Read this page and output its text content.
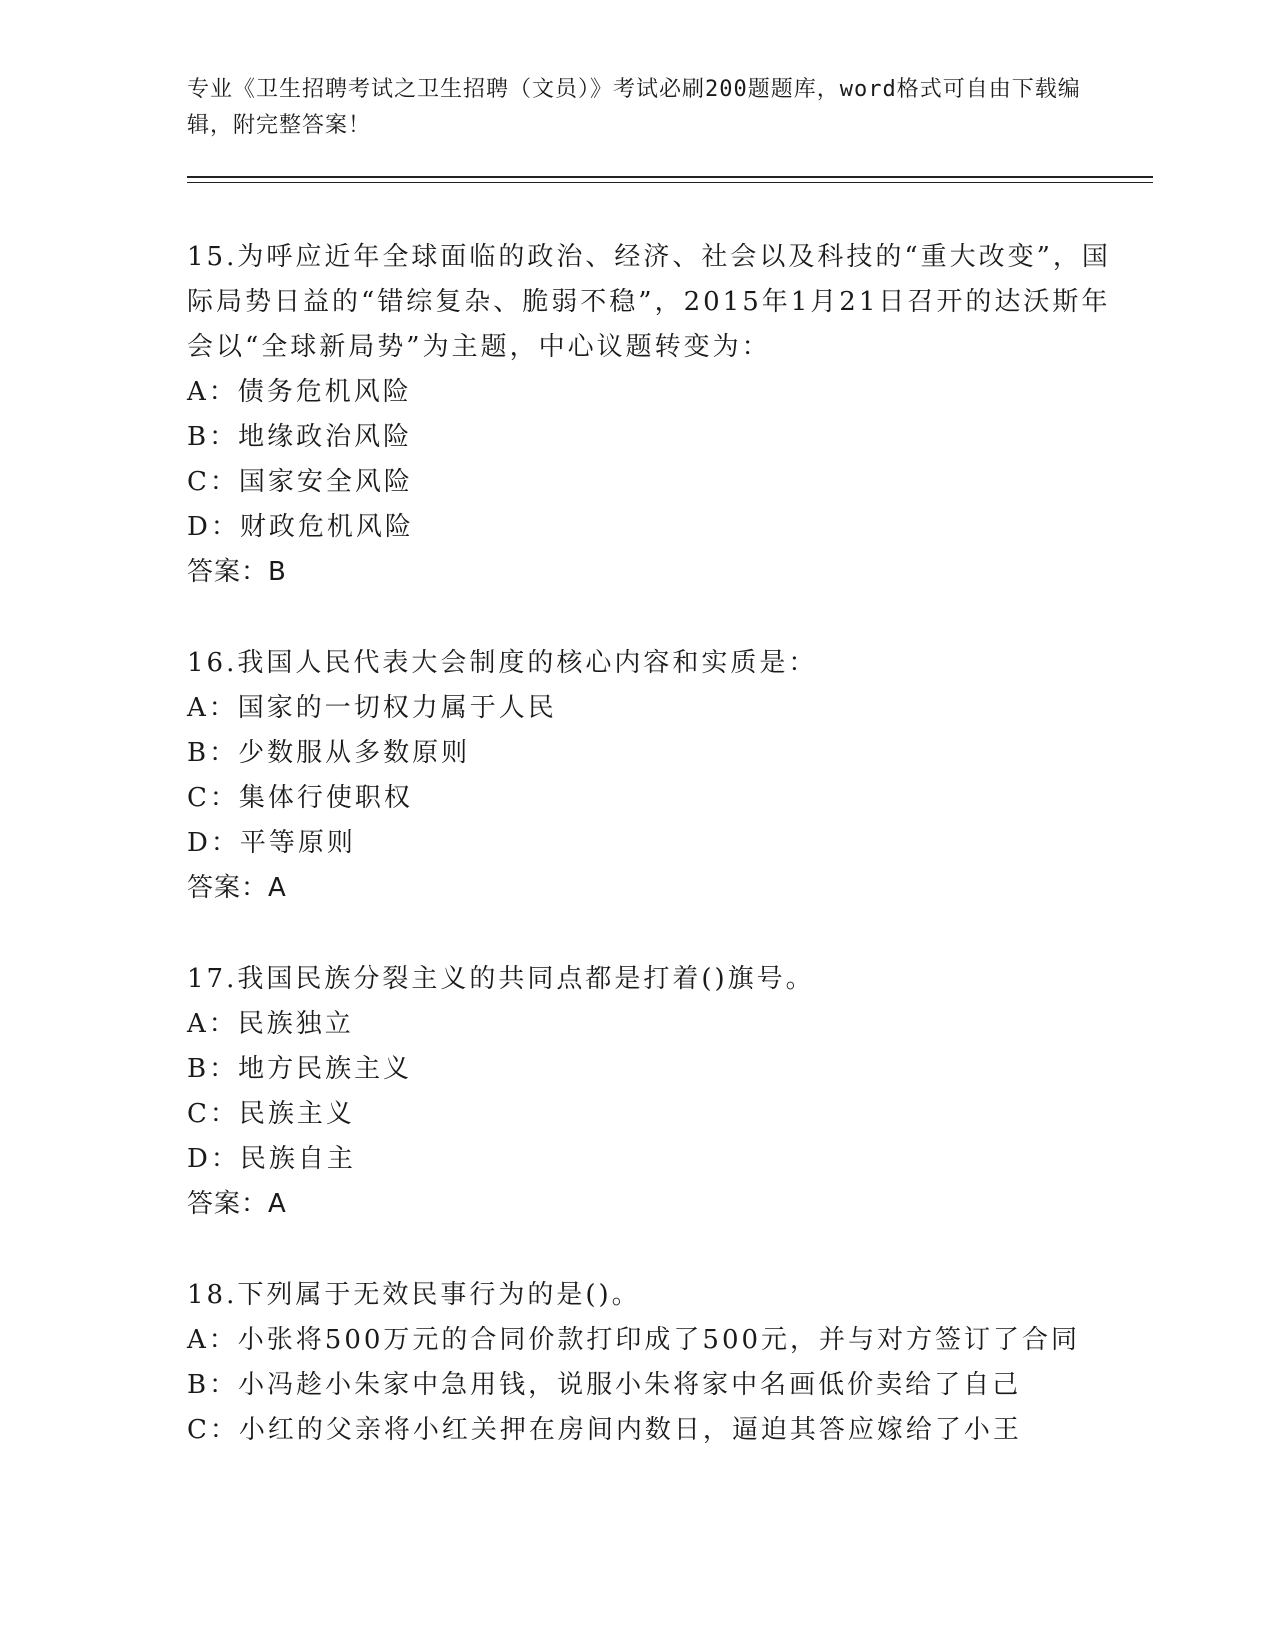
专业《卫生招聘考试之卫生招聘（文员）》考试必刷200题题库，word格式可自由下载编辑，附完整答案！

15.为呼应近年全球面临的政治、经济、社会以及科技的“重大改变”，国际局势日益的“错综复杂、脆弱不稳”，2015年1月21日召开的达沃斯年会以“全球新局势”为主题，中心议题转变为：

A：债务危机风险

B：地缘政治风险

C：国家安全风险

D：财政危机风险

答案：B

16.我国人民代表大会制度的核心内容和实质是：

A：国家的一切权力属于人民

B：少数服从多数原则

C：集体行使职权

D：平等原则

答案：A

17.我国民族分裂主义的共同点都是打着()旗号。

A：民族独立

B：地方民族主义

C：民族主义

D：民族自主

答案：A

18.下列属于无效民事行为的是()。

A：小张将500万元的合同价款打印成了500元，并与对方签订了合同

B：小冯趁小朱家中急用钱，说服小朱将家中名画低价卖给了自己

C：小红的父亲将小红关押在房间内数日，逼迫其答应嫁给了小王
